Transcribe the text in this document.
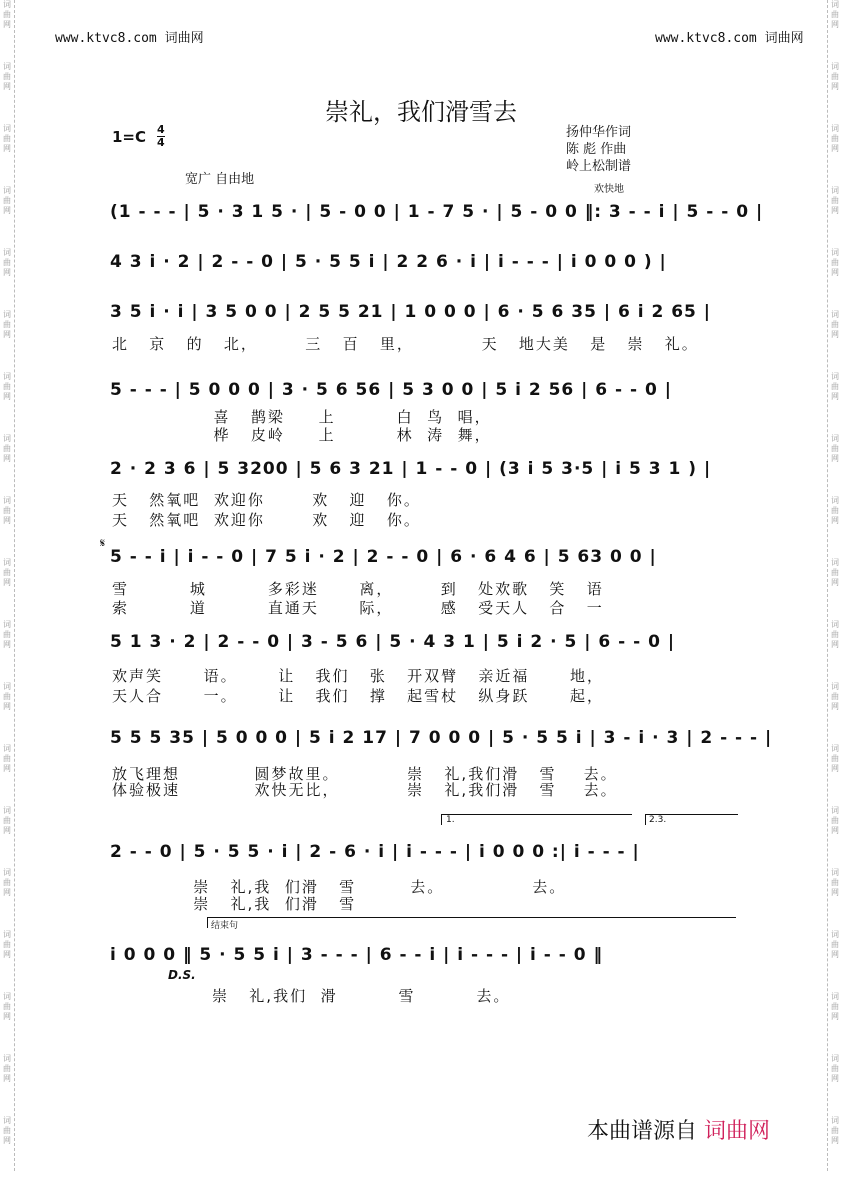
词
曲
网
词
曲
网
词
曲
网
词
曲
网
词
曲
网
词
曲
网
词
曲
网
词
曲
网
词
曲
网
词
曲
网
词
曲
网
词
曲
网
词
曲
网
词
曲
网
词
曲
网
词
曲
网
词
曲
网
词
曲
网
词
曲
网
词
曲
网
词
曲
网
词
曲
网
词
曲
网
词
曲
网
词
曲
网
词
曲
网
词
曲
网
词
曲
网
词
曲
网
词
曲
网
词
曲
网
词
曲
网
词
曲
网
词
曲
网
词
曲
网
词
曲
网
词
曲
网
词
曲
网
www.ktvc8.com 词曲网	www.ktvc8.com 词曲网
崇礼，我们滑雪去
$1=C \frac{4}{4}$	扬仲华作词
陈 彪 作曲
岭上松制谱
宽广 自由地
欢快地
(1 - - - | 5 · 3 1 5 · | 5 - 0 0 | 1 - 7 5 · | 5 - 0 0 ‖: 3 - - i | 5 - - 0 |
4 3 i · 2 | 2 - - 0 | 5 · 5 5 i | 2 2 6 · i | i - - - | i 0 0 0 ) |
3 5 i · i | 3 5 0 0 | 2 5 5 21 | 1 0 0 0 | 6 · 5 6 35 | 6 i 2 65 |
北   京   的   北，       三   百   里，          天   地大美   是   崇   礼。
5 - - - | 5 0 0 0 | 3 · 5 6 56 | 5 3 0 0 | 5 i 2 56 | 6 - - 0 |
喜   鹊梁     上         白  鸟  唱，
桦   皮岭     上         林  涛  舞，
2 · 2 3 6 | 5 3200 | 5 6 3 21 | 1 - - 0 | (3 i 5 3·5 | i 5 3 1 ) |
天   然氧吧  欢迎你       欢   迎   你。
天   然氧吧  欢迎你       欢   迎   你。
𝄋
5 - - i | i - - 0 | 7 5 i · 2 | 2 - - 0 | 6 · 6 4 6 | 5 63 0 0 |
雪         城         多彩迷      离，       到   处欢歌   笑   语
索         道         直通天      际，       感   受天人   合   一
5 1 3 · 2 | 2 - - 0 | 3 - 5 6 | 5 · 4 3 1 | 5 i 2 · 5 | 6 - - 0 |
欢声笑      语。      让   我们   张   开双臂   亲近福      地，
天人合      一。      让   我们   撑   起雪杖   纵身跃      起，
5 5 5 35 | 5 0 0 0 | 5 i 2 17 | 7 0 0 0 | 5 · 5 5 i | 3 - i · 3 | 2 - - - |
放飞理想           圆梦故里。          崇   礼,我们滑   雪    去。
体验极速           欢快无比，          崇   礼,我们滑   雪    去。
1.	2.3.
2 - - 0 | 5 · 5 5 · i | 2 - 6 · i | i - - - | i 0 0 0 :| i - - - |
崇   礼,我  们滑   雪        去。             去。
崇   礼,我  们滑   雪
结束句
i 0 0 0 ‖ 5 · 5 5 i | 3 - - - | 6 - - i | i - - - | i - - 0 ‖
D.S.
崇   礼,我们  滑         雪         去。
本曲谱源自 词曲网
